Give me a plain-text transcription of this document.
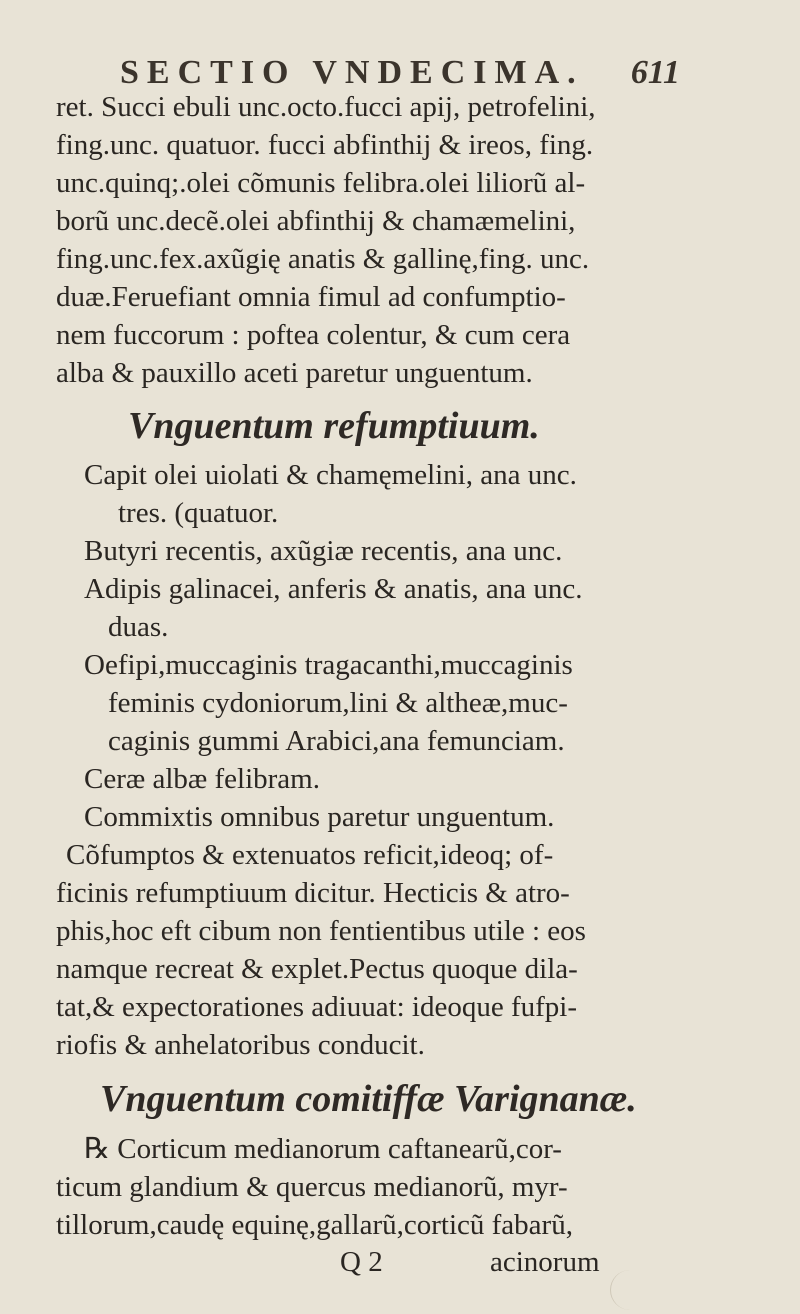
SECTIO VNDECIMA. 611
ret. Succi ebuli unc.octo.fucci apij, petrofelini,
fing.unc. quatuor. fucci abfinthij & ireos, fing.
unc.quinq;.olei cõmunis felibra.olei liliorũ al-
borũ unc.decẽ.olei abfinthij & chamæmelini,
fing.unc.fex.axũgię anatis & gallinę,fing. unc.
duæ.Feruefiant omnia fimul ad confumptio-
nem fuccorum : poftea colentur, & cum cera
alba & pauxillo aceti paretur unguentum.
Vnguentum refumptiuum.
Capit olei uiolati & chamęmelini, ana unc.
tres. (quatuor.
Butyri recentis, axũgiæ recentis, ana unc.
Adipis galinacei, anferis & anatis, ana unc.
duas.
Oefipi,muccaginis tragacanthi,muccaginis
feminis cydoniorum,lini & altheæ,muc-
caginis gummi Arabici,ana femunciam.
Ceræ albæ felibram.
Commixtis omnibus paretur unguentum.
Cõfumptos & extenuatos reficit,ideoq; of-
ficinis refumptiuum dicitur. Hecticis & atro-
phis,hoc eft cibum non fentientibus utile : eos
namque recreat & explet.Pectus quoque dila-
tat,& expectorationes adiuuat: ideoque fufpi-
riofis & anhelatoribus conducit.
Vnguentum comitiffæ Varignanæ.
℞ Corticum medianorum caftanearũ,cor-
ticum glandium & quercus medianorũ, myr-
tillorum,caudę equinę,gallarũ,corticũ fabarũ,
Q 2	acinorum
